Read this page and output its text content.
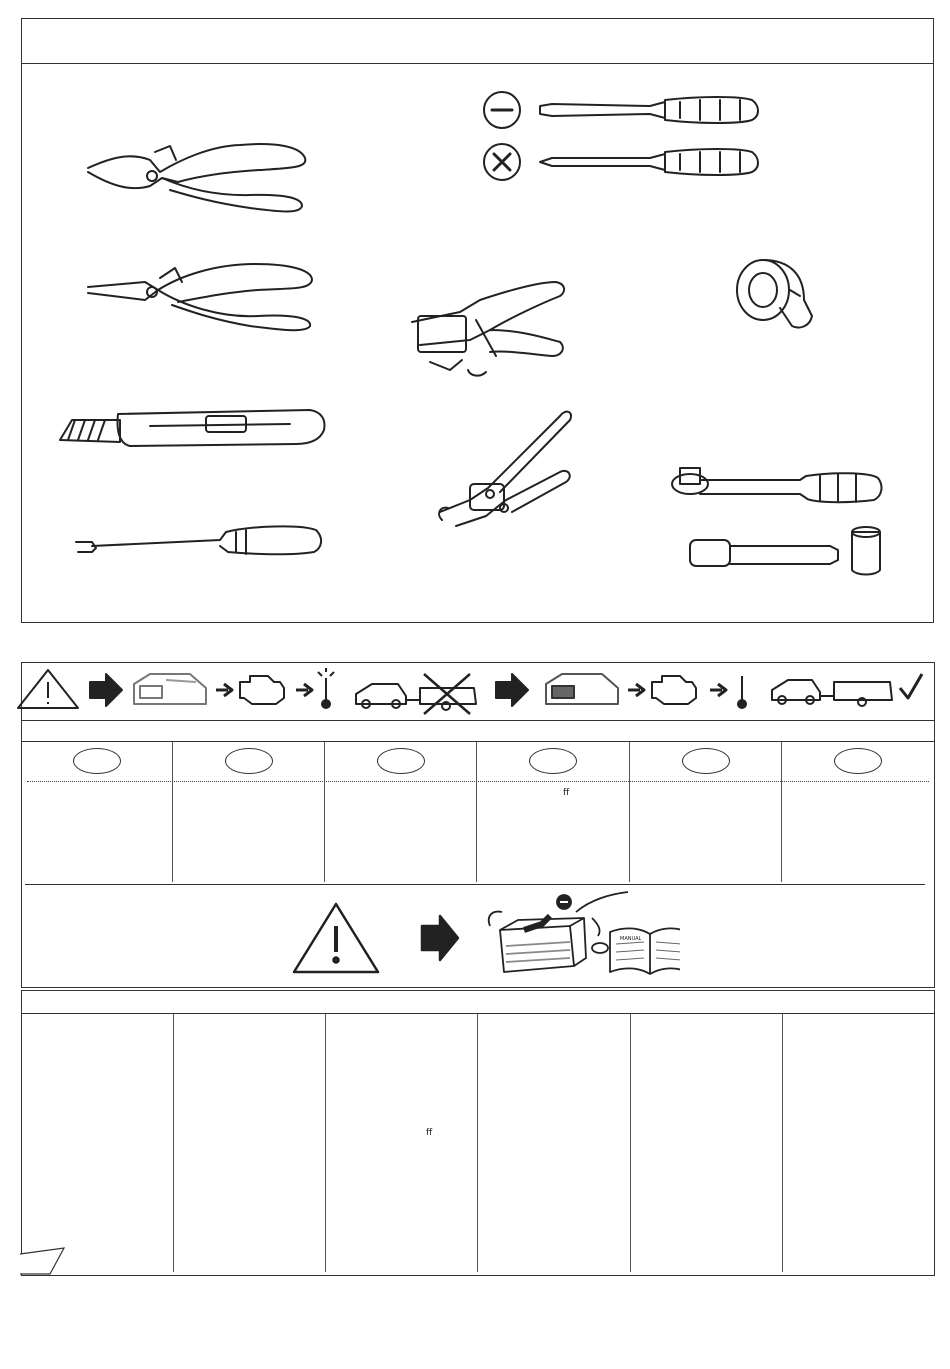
ﬀ
MANUAL
ﬀ
